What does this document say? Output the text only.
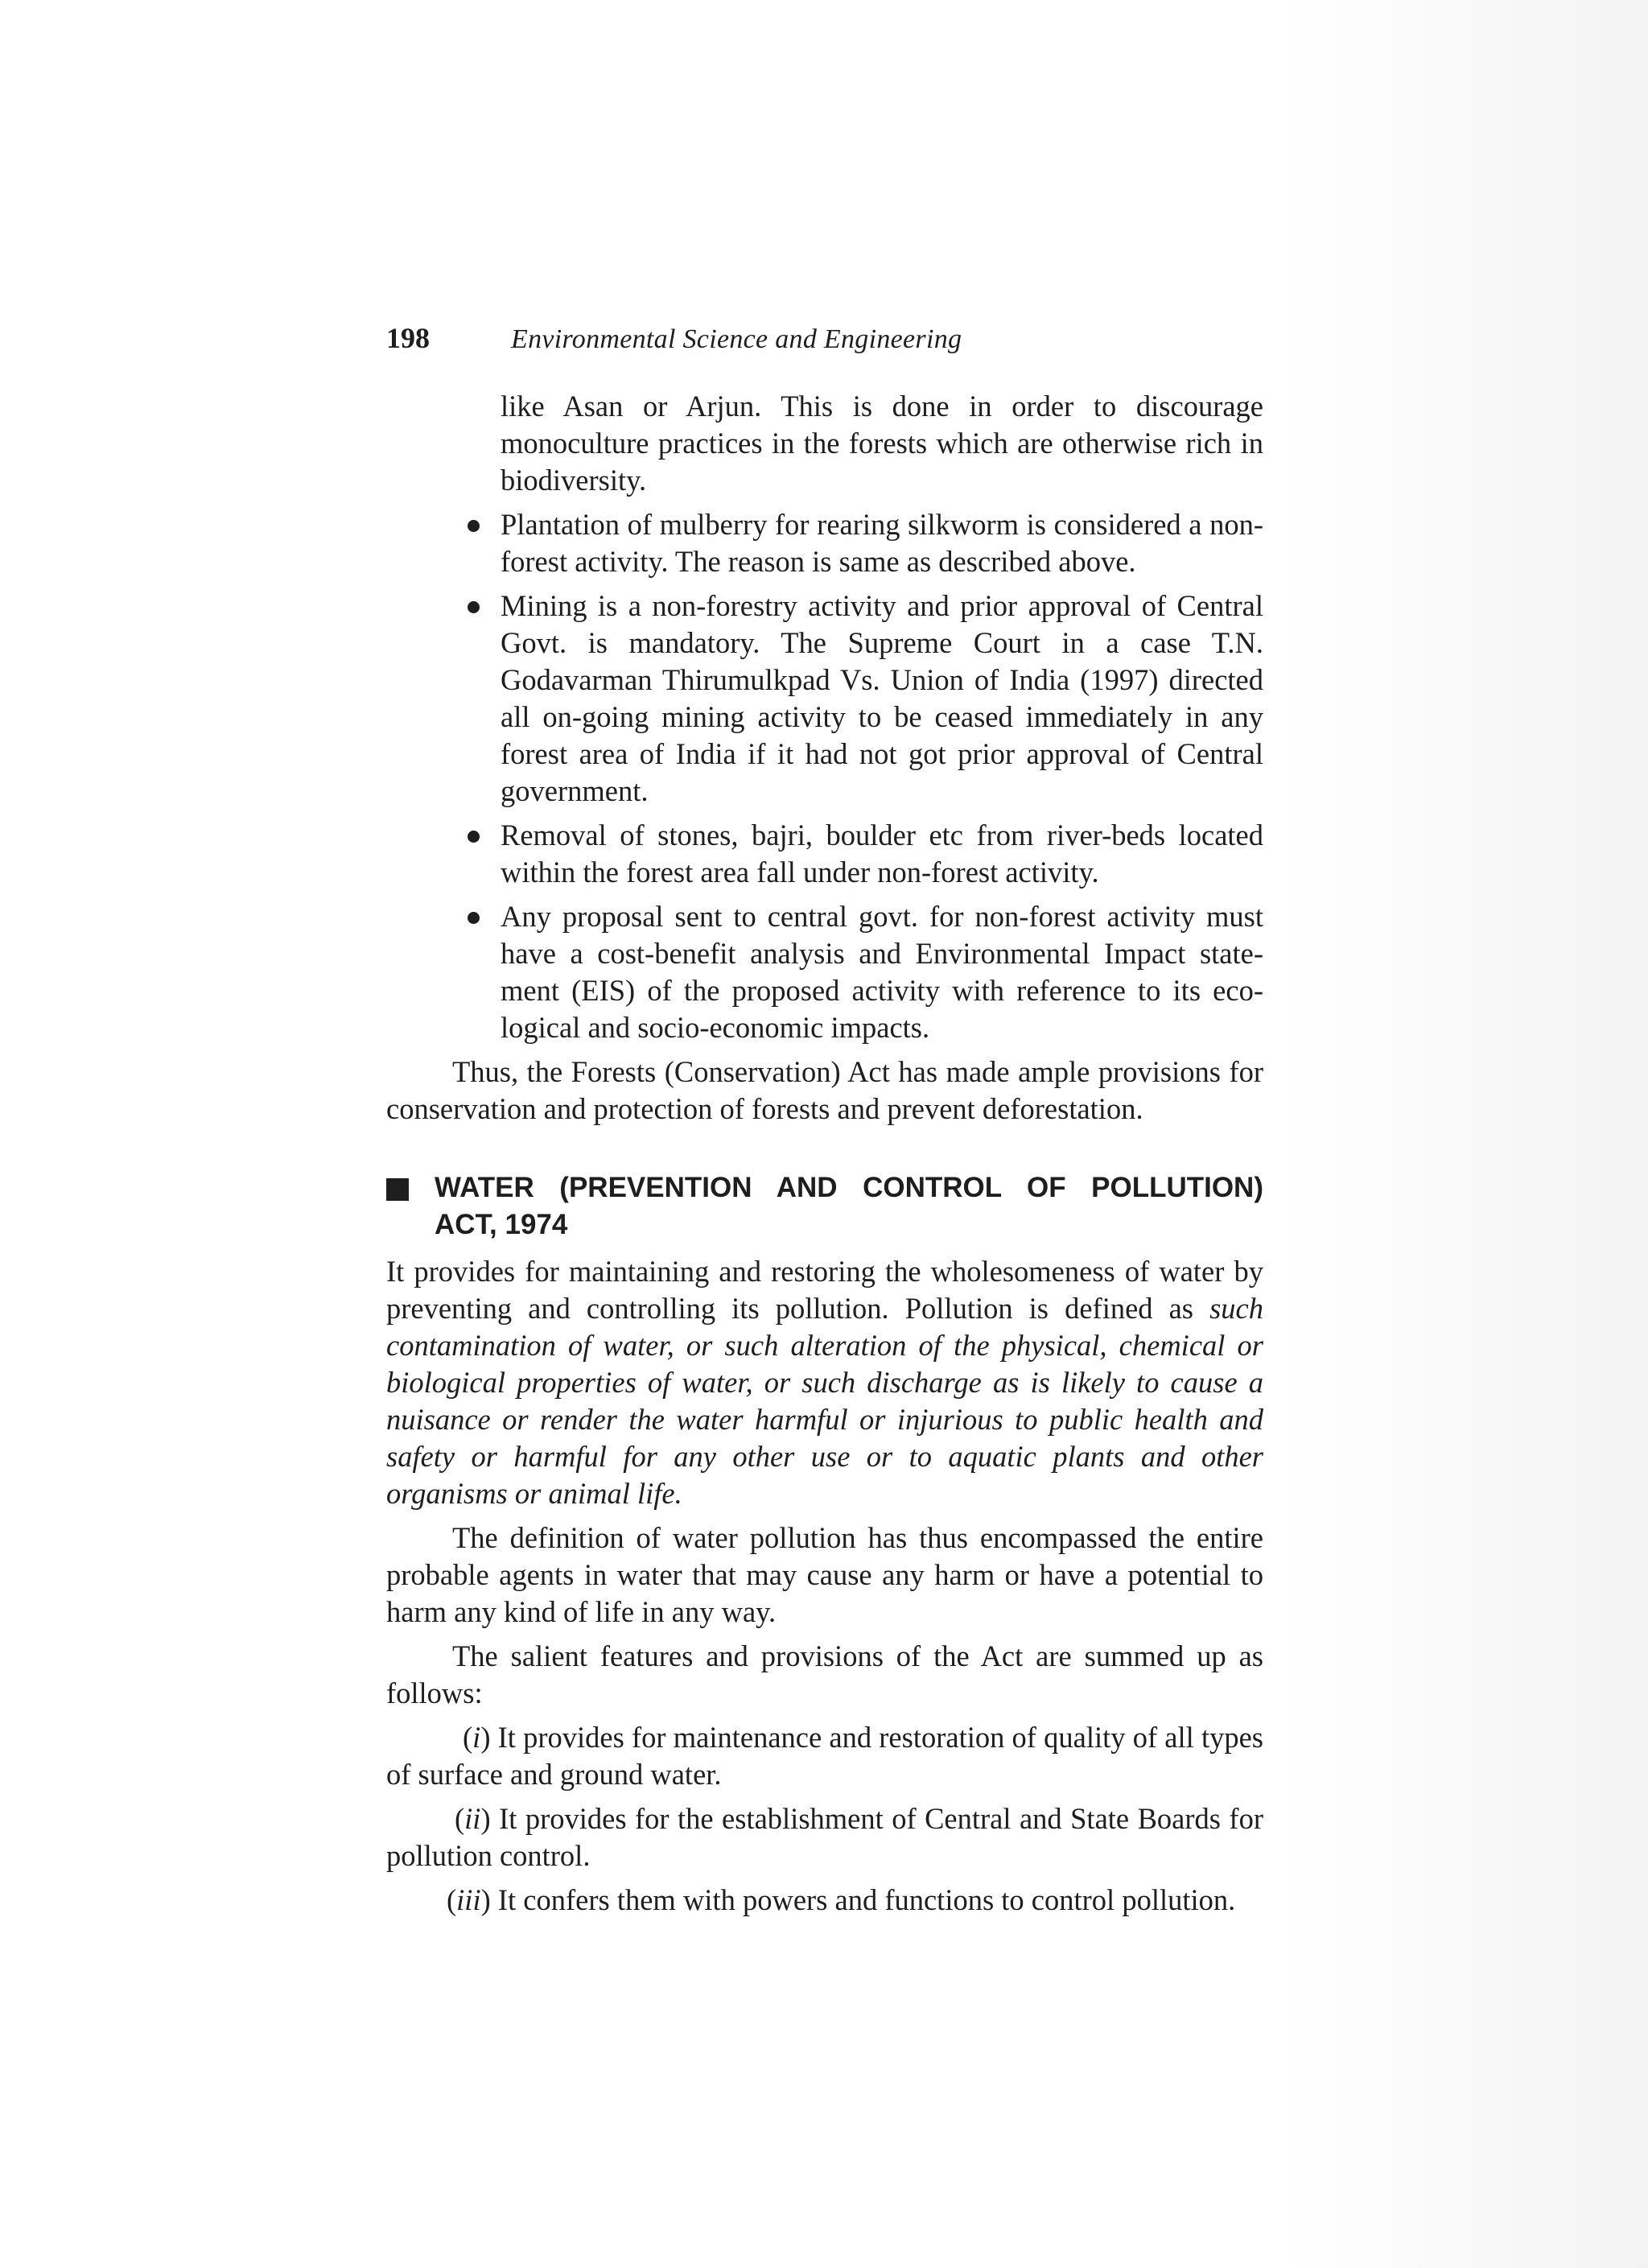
198	Environmental Science and Engineering

like Asan or Arjun. This is done in order to discourage monoculture practices in the forests which are otherwise rich in biodiversity.

Plantation of mulberry for rearing silkworm is considered a non-forest activity. The reason is same as described above.
Mining is a non-forestry activity and prior approval of Central Govt. is mandatory. The Supreme Court in a case T.N. Godavarman Thirumulkpad Vs. Union of India (1997) directed all on-going mining activity to be ceased immediately in any forest area of India if it had not got prior approval of Central government.
Removal of stones, bajri, boulder etc from river-beds located within the forest area fall under non-forest activity.
Any proposal sent to central govt. for non-forest activity must have a cost-benefit analysis and Environmental Impact statement (EIS) of the proposed activity with reference to its ecological and socio-economic impacts.

Thus, the Forests (Conservation) Act has made ample provisions for conservation and protection of forests and prevent deforestation.

WATER (PREVENTION AND CONTROL OF POLLUTION)
ACT, 1974

It provides for maintaining and restoring the wholesomeness of water by preventing and controlling its pollution. Pollution is defined as such contamination of water, or such alteration of the physical, chemical or biological properties of water, or such discharge as is likely to cause a nuisance or render the water harmful or injurious to public health and safety or harmful for any other use or to aquatic plants and other organisms or animal life.

The definition of water pollution has thus encompassed the entire probable agents in water that may cause any harm or have a potential to harm any kind of life in any way.

The salient features and provisions of the Act are summed up as follows:

(i) It provides for maintenance and restoration of quality of all types of surface and ground water.

(ii) It provides for the establishment of Central and State Boards for pollution control.

(iii) It confers them with powers and functions to control pollution.
